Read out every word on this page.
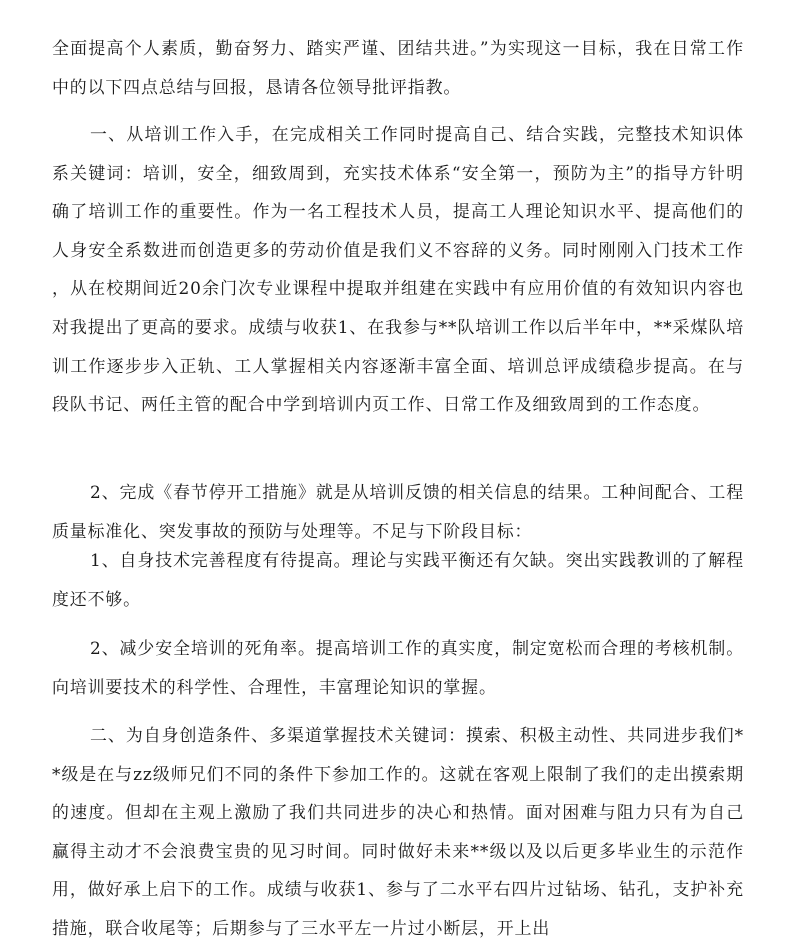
全面提高个人素质，勤奋努力、踏实严谨、团结共进。”为实现这一目标，我在日常工作中的以下四点总结与回报，恳请各位领导批评指教。

一、从培训工作入手，在完成相关工作同时提高自己、结合实践，完整技术知识体系关键词：培训，安全，细致周到，充实技术体系“安全第一，预防为主”的指导方针明确了培训工作的重要性。作为一名工程技术人员，提高工人理论知识水平、提高他们的人身安全系数进而创造更多的劳动价值是我们义不容辞的义务。同时刚刚入门技术工作，从在校期间近20余门次专业课程中提取并组建在实践中有应用价值的有效知识内容也对我提出了更高的要求。成绩与收获1、在我参与**队培训工作以后半年中，**采煤队培训工作逐步步入正轨、工人掌握相关内容逐渐丰富全面、培训总评成绩稳步提高。在与段队书记、两任主管的配合中学到培训内页工作、日常工作及细致周到的工作态度。

2、完成《春节停开工措施》就是从培训反馈的相关信息的结果。工种间配合、工程质量标准化、突发事故的预防与处理等。不足与下阶段目标：

1、自身技术完善程度有待提高。理论与实践平衡还有欠缺。突出实践教训的了解程度还不够。

2、减少安全培训的死角率。提高培训工作的真实度，制定宽松而合理的考核机制。向培训要技术的科学性、合理性，丰富理论知识的掌握。

二、为自身创造条件、多渠道掌握技术关键词：摸索、积极主动性、共同进步我们**级是在与zz级师兄们不同的条件下参加工作的。这就在客观上限制了我们的走出摸索期的速度。但却在主观上激励了我们共同进步的决心和热情。面对困难与阻力只有为自己赢得主动才不会浪费宝贵的见习时间。同时做好未来**级以及以后更多毕业生的示范作用，做好承上启下的工作。成绩与收获1、参与了二水平右四片过钻场、钻孔，支护补充措施，联合收尾等；后期参与了三水平左一片过小断层，开上出
